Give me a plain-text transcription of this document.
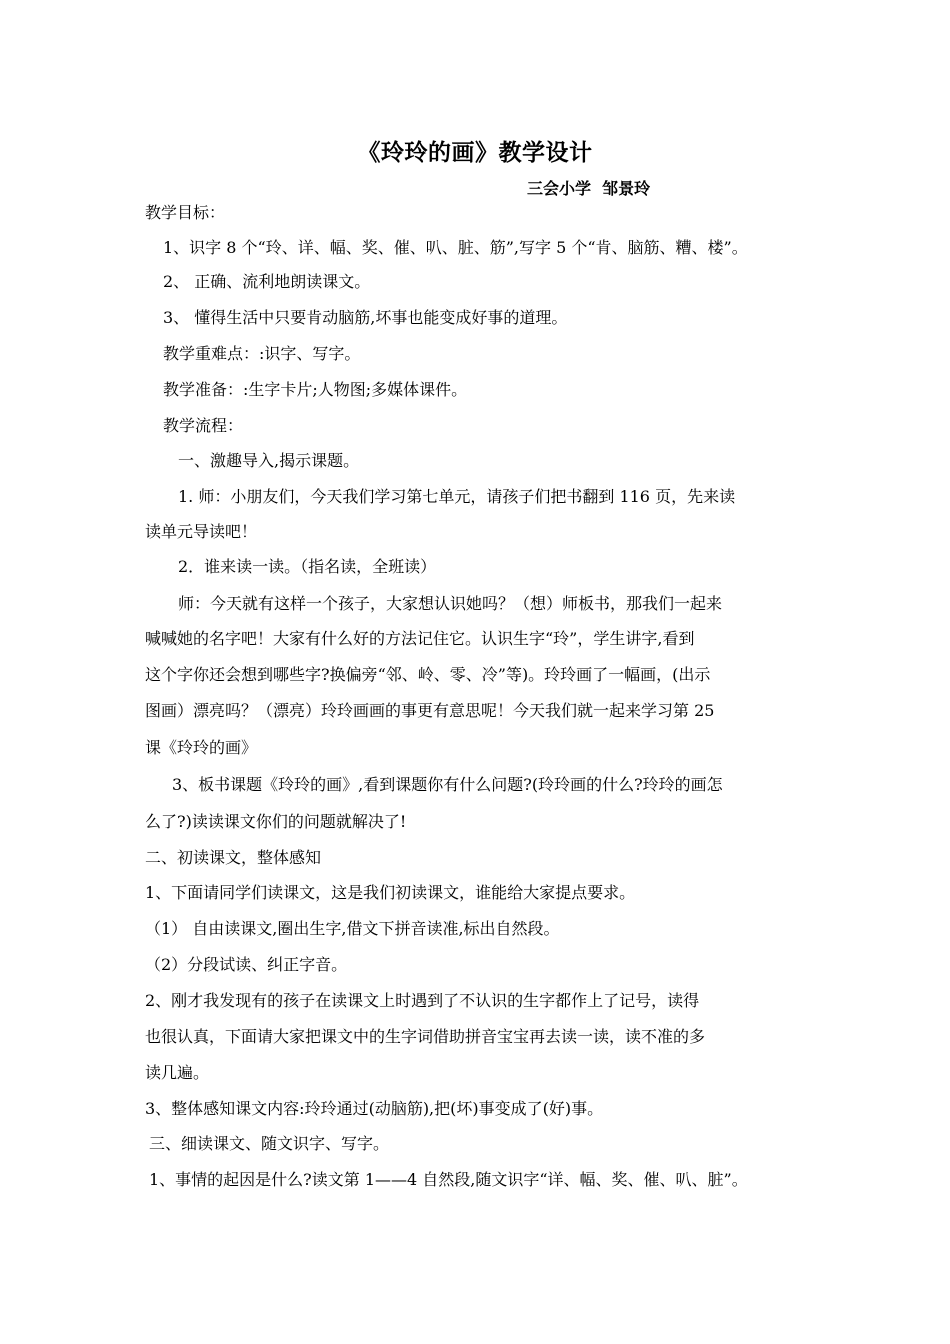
《玲玲的画》教学设计
三会小学  邹景玲
教学目标：
1、识字 8 个“玲、详、幅、奖、催、叭、脏、筋”,写字 5 个“肯、脑筋、糟、楼”。
2、 正确、流利地朗读课文。
3、 懂得生活中只要肯动脑筋,坏事也能变成好事的道理。
教学重难点：:识字、写字。
教学准备：:生字卡片;人物图;多媒体课件。
教学流程：
一、激趣导入,揭示课题。
1. 师：小朋友们，今天我们学习第七单元，请孩子们把书翻到 116 页，先来读
读单元导读吧！
2．谁来读一读。（指名读，全班读）
师：今天就有这样一个孩子，大家想认识她吗？（想）师板书，那我们一起来
喊喊她的名字吧！大家有什么好的方法记住它。认识生字“玲”，学生讲字,看到
这个字你还会想到哪些字?换偏旁“邻、岭、零、冷”等)。玲玲画了一幅画，(出示
图画）漂亮吗？（漂亮）玲玲画画的事更有意思呢！今天我们就一起来学习第 25
课《玲玲的画》
3、板书课题《玲玲的画》,看到课题你有什么问题?(玲玲画的什么?玲玲的画怎
么了?)读读课文你们的问题就解决了!
二、初读课文，整体感知
1、下面请同学们读课文，这是我们初读课文，谁能给大家提点要求。
（1） 自由读课文,圈出生字,借文下拼音读准,标出自然段。
（2）分段试读、纠正字音。
2、刚才我发现有的孩子在读课文上时遇到了不认识的生字都作上了记号，读得
也很认真，下面请大家把课文中的生字词借助拼音宝宝再去读一读，读不准的多
读几遍。
3、整体感知课文内容:玲玲通过(动脑筋),把(坏)事变成了(好)事。
三、细读课文、随文识字、写字。
1、事情的起因是什么?读文第 1——4 自然段,随文识字“详、幅、奖、催、叭、脏”。
